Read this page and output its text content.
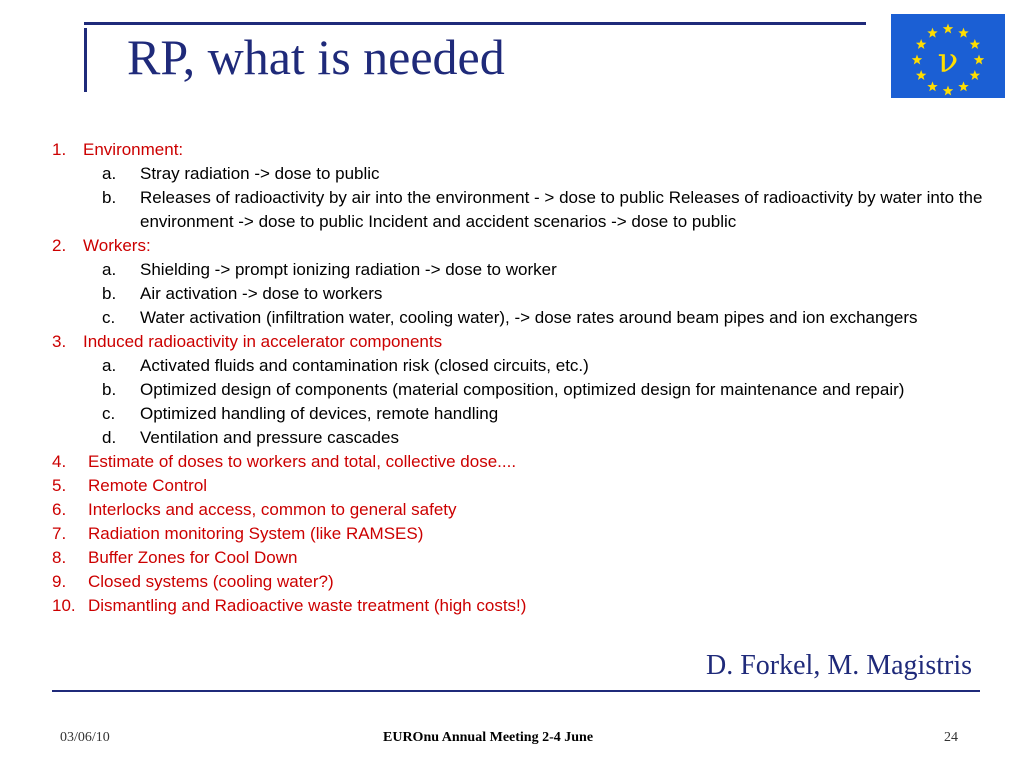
RP, what is needed	ν
1. Environment:
a. Stray radiation -> dose to public
b. Releases of radioactivity by air into the environment - > dose to public Releases of radioactivity by water into the environment -> dose to public Incident and accident scenarios -> dose to public
2. Workers:
a. Shielding -> prompt ionizing radiation -> dose to worker
b. Air activation -> dose to workers
c. Water activation (infiltration water, cooling water), -> dose rates around beam pipes and ion exchangers
3. Induced radioactivity in accelerator components
a. Activated fluids and contamination risk (closed circuits, etc.)
b. Optimized design of components (material composition, optimized design for maintenance and repair)
c. Optimized handling of devices, remote handling
d. Ventilation and pressure cascades
4.	Estimate of doses to workers and total, collective dose....
5.	Remote Control
6.	Interlocks and access, common to general safety
7.	Radiation monitoring System (like RAMSES)
8.	Buffer Zones for Cool Down
9.	Closed systems (cooling water?)
10. Dismantling and Radioactive waste treatment (high costs!)
D. Forkel, M. Magistris
03/06/10	EUROnu Annual Meeting 2-4 June	24
